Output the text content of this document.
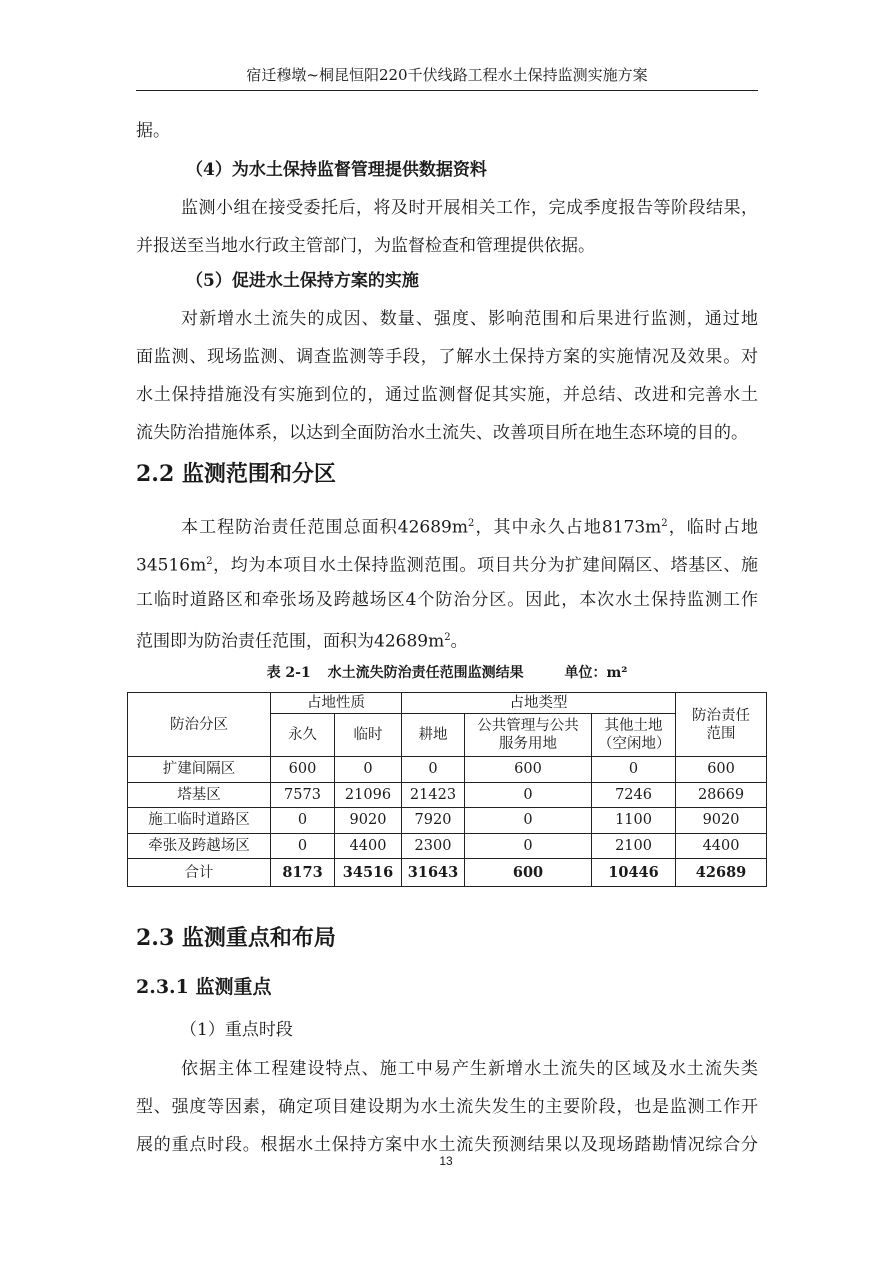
宿迁穆墩~桐昆恒阳220千伏线路工程水土保持监测实施方案
据。
（4）为水土保持监督管理提供数据资料
监测小组在接受委托后，将及时开展相关工作，完成季度报告等阶段结果，
并报送至当地水行政主管部门，为监督检查和管理提供依据。
（5）促进水土保持方案的实施
对新增水土流失的成因、数量、强度、影响范围和后果进行监测，通过地
面监测、现场监测、调查监测等手段，了解水土保持方案的实施情况及效果。对
水土保持措施没有实施到位的，通过监测督促其实施，并总结、改进和完善水土
流失防治措施体系，以达到全面防治水土流失、改善项目所在地生态环境的目的。
2.2 监测范围和分区
本工程防治责任范围总面积$42689m^2$，其中永久占地$8173m^2$，临时占地
$34516m^2$，均为本项目水土保持监测范围。项目共分为扩建间隔区、塔基区、施
工临时道路区和牵张场及跨越场区4个防治分区。因此，本次水土保持监测工作
范围即为防治责任范围，面积为$42689m^2$。
表 2-1 水土流失防治责任范围监测结果	单位：m²
防治分区	占地性质		占地类型			防治责任范围
	永久	临时	耕地	公共管理与公共服务用地	其他土地（空闲地）	
扩建间隔区	600	0	0	600	0	600
塔基区	7573	21096	21423	0	7246	28669
施工临时道路区	0	9020	7920	0	1100	9020
牵张及跨越场区	0	4400	2300	0	2100	4400
合计	8173	34516	31643	600	10446	42689
2.3 监测重点和布局
2.3.1 监测重点
（1）重点时段
依据主体工程建设特点、施工中易产生新增水土流失的区域及水土流失类
型、强度等因素，确定项目建设期为水土流失发生的主要阶段，也是监测工作开
展的重点时段。根据水土保持方案中水土流失预测结果以及现场踏勘情况综合分
13
